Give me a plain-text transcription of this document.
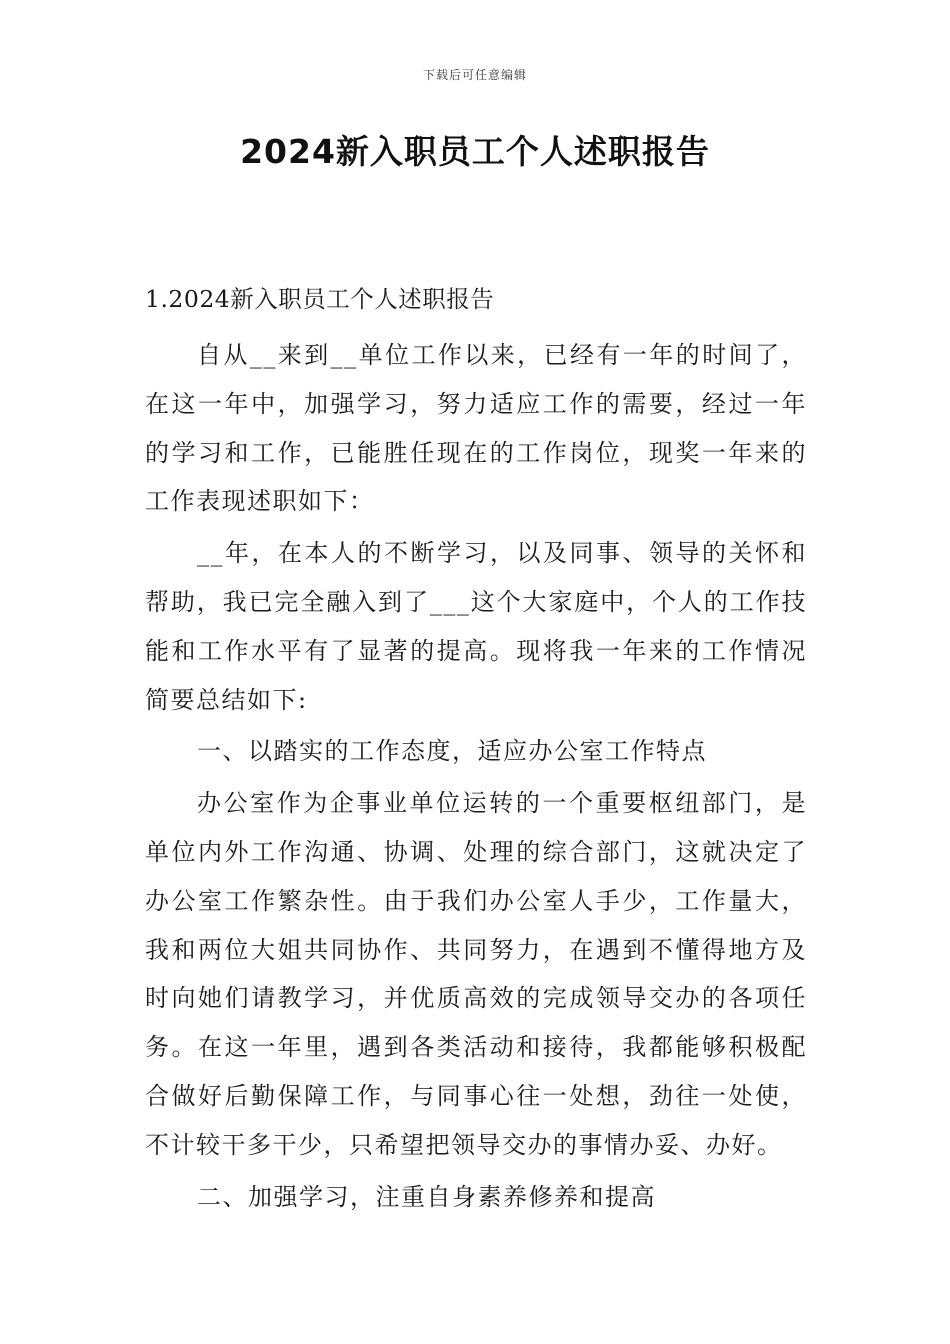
下载后可任意编辑
2024新入职员工个人述职报告
1.2024新入职员工个人述职报告

自从__来到__单位工作以来，已经有一年的时间了，在这一年中，加强学习，努力适应工作的需要，经过一年的学习和工作，已能胜任现在的工作岗位，现奖一年来的工作表现述职如下：

__年，在本人的不断学习，以及同事、领导的关怀和帮助，我已完全融入到了___这个大家庭中，个人的工作技能和工作水平有了显著的提高。现将我一年来的工作情况简要总结如下:

一、以踏实的工作态度，适应办公室工作特点

办公室作为企事业单位运转的一个重要枢纽部门，是单位内外工作沟通、协调、处理的综合部门，这就决定了办公室工作繁杂性。由于我们办公室人手少，工作量大，我和两位大姐共同协作、共同努力，在遇到不懂得地方及时向她们请教学习，并优质高效的完成领导交办的各项任务。在这一年里，遇到各类活动和接待，我都能够积极配合做好后勤保障工作，与同事心往一处想，劲往一处使，不计较干多干少，只希望把领导交办的事情办妥、办好。

二、加强学习，注重自身素养修养和提高
